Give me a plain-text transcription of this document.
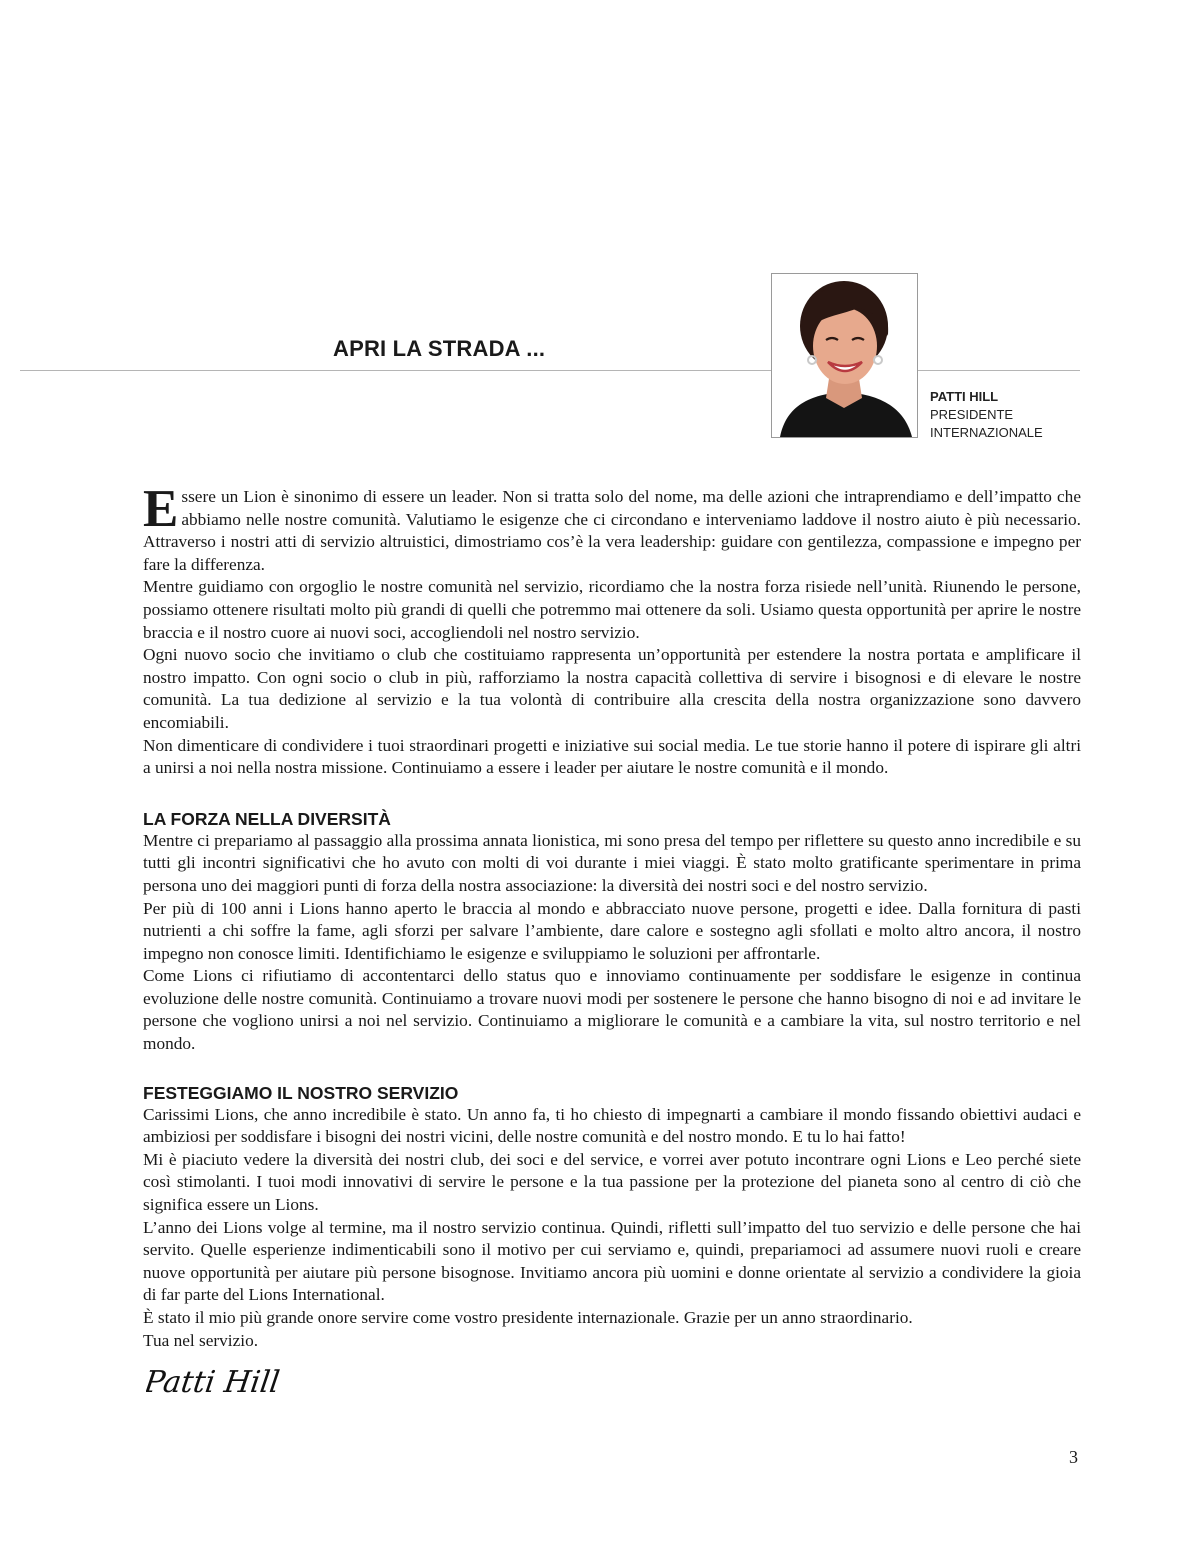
APRI LA STRADA ...
PATTI HILL
PRESIDENTE
INTERNAZIONALE

Essere un Lion è sinonimo di essere un leader. Non si tratta solo del nome, ma delle azioni che intraprendiamo e dell’impatto che abbiamo nelle nostre comunità. Valutiamo le esigenze che ci circondano e interveniamo laddove il nostro aiuto è più necessario. Attraverso i nostri atti di servizio altruistici, dimostriamo cos’è la vera leadership: guidare con gentilezza, compassione e impegno per fare la differenza.

Mentre guidiamo con orgoglio le nostre comunità nel servizio, ricordiamo che la nostra forza risiede nell’unità. Riunendo le persone, possiamo ottenere risultati molto più grandi di quelli che potremmo mai ottenere da soli. Usiamo questa opportunità per aprire le nostre braccia e il nostro cuore ai nuovi soci, accogliendoli nel nostro servizio.

Ogni nuovo socio che invitiamo o club che costituiamo rappresenta un’opportunità per estendere la nostra portata e amplificare il nostro impatto. Con ogni socio o club in più, rafforziamo la nostra capacità collettiva di servire i bisognosi e di elevare le nostre comunità. La tua dedizione al servizio e la tua volontà di contribuire alla crescita della nostra organizzazione sono davvero encomiabili.

Non dimenticare di condividere i tuoi straordinari progetti e iniziative sui social media. Le tue storie hanno il potere di ispirare gli altri a unirsi a noi nella nostra missione. Continuiamo a essere i leader per aiutare le nostre comunità e il mondo.

LA FORZA NELLA DIVERSITÀ

Mentre ci prepariamo al passaggio alla prossima annata lionistica, mi sono presa del tempo per riflettere su questo anno incredibile e su tutti gli incontri significativi che ho avuto con molti di voi durante i miei viaggi. È stato molto gratificante sperimentare in prima persona uno dei maggiori punti di forza della nostra associazione: la diversità dei nostri soci e del nostro servizio.

Per più di 100 anni i Lions hanno aperto le braccia al mondo e abbracciato nuove persone, progetti e idee. Dalla fornitura di pasti nutrienti a chi soffre la fame, agli sforzi per salvare l’ambiente, dare calore e sostegno agli sfollati e molto altro ancora, il nostro impegno non conosce limiti. Identifichiamo le esigenze e sviluppiamo le soluzioni per affrontarle.

Come Lions ci rifiutiamo di accontentarci dello status quo e innoviamo continuamente per soddisfare le esigenze in continua evoluzione delle nostre comunità. Continuiamo a trovare nuovi modi per sostenere le persone che hanno bisogno di noi e ad invitare le persone che vogliono unirsi a noi nel servizio. Continuiamo a migliorare le comunità e a cambiare la vita, sul nostro territorio e nel mondo.

FESTEGGIAMO IL NOSTRO SERVIZIO

Carissimi Lions, che anno incredibile è stato. Un anno fa, ti ho chiesto di impegnarti a cambiare il mondo fissando obiettivi audaci e ambiziosi per soddisfare i bisogni dei nostri vicini, delle nostre comunità e del nostro mondo. E tu lo hai fatto!

Mi è piaciuto vedere la diversità dei nostri club, dei soci e del service, e vorrei aver potuto incontrare ogni Lions e Leo perché siete così stimolanti. I tuoi modi innovativi di servire le persone e la tua passione per la protezione del pianeta sono al centro di ciò che significa essere un Lions.

L’anno dei Lions volge al termine, ma il nostro servizio continua. Quindi, rifletti sull’impatto del tuo servizio e delle persone che hai servito. Quelle esperienze indimenticabili sono il motivo per cui serviamo e, quindi, prepariamoci ad assumere nuovi ruoli e creare nuove opportunità per aiutare più persone bisognose. Invitiamo ancora più uomini e donne orientate al servizio a condividere la gioia di far parte del Lions International.

È stato il mio più grande onore servire come vostro presidente internazionale. Grazie per un anno straordinario.

Tua nel servizio.

Patti Hill
3
